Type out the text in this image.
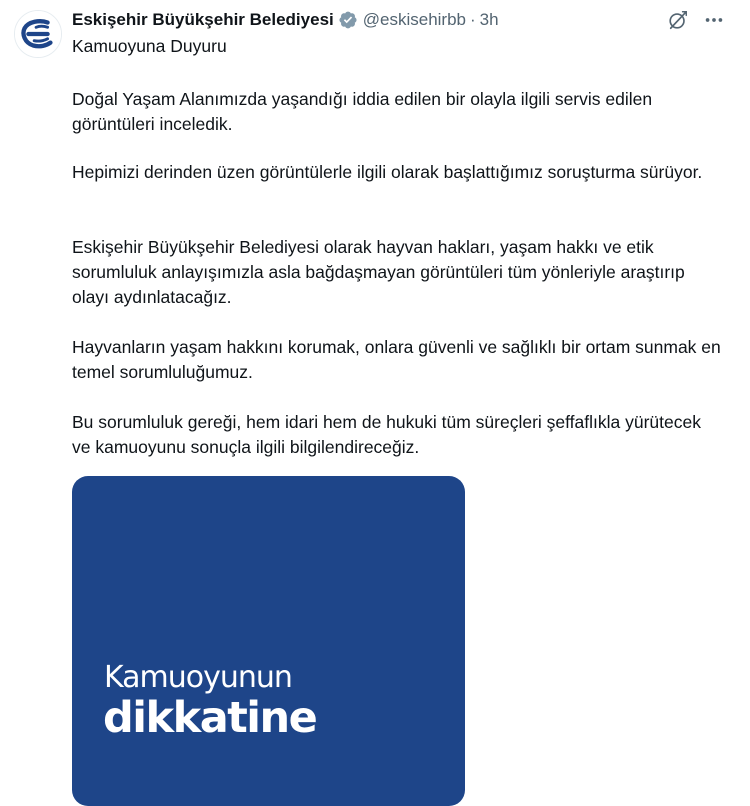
Eskişehir Büyükşehir Belediyesi @eskisehirbb · 3h
Kamuoyuna Duyuru
Doğal Yaşam Alanımızda yaşandığı iddia edilen bir olayla ilgili servis edilen görüntüleri inceledik.
Hepimizi derinden üzen görüntülerle ilgili olarak başlattığımız soruşturma sürüyor.
Eskişehir Büyükşehir Belediyesi olarak hayvan hakları, yaşam hakkı ve etik sorumluluk anlayışımızla asla bağdaşmayan görüntüleri tüm yönleriyle araştırıp olayı aydınlatacağız.
Hayvanların yaşam hakkını korumak, onlara güvenli ve sağlıklı bir ortam sunmak en temel sorumluluğumuz.
Bu sorumluluk gereği, hem idari hem de hukuki tüm süreçleri şeffaflıkla yürütecek ve kamuoyunu sonuçla ilgili bilgilendireceğiz.
Kamuoyunun
dikkatine
